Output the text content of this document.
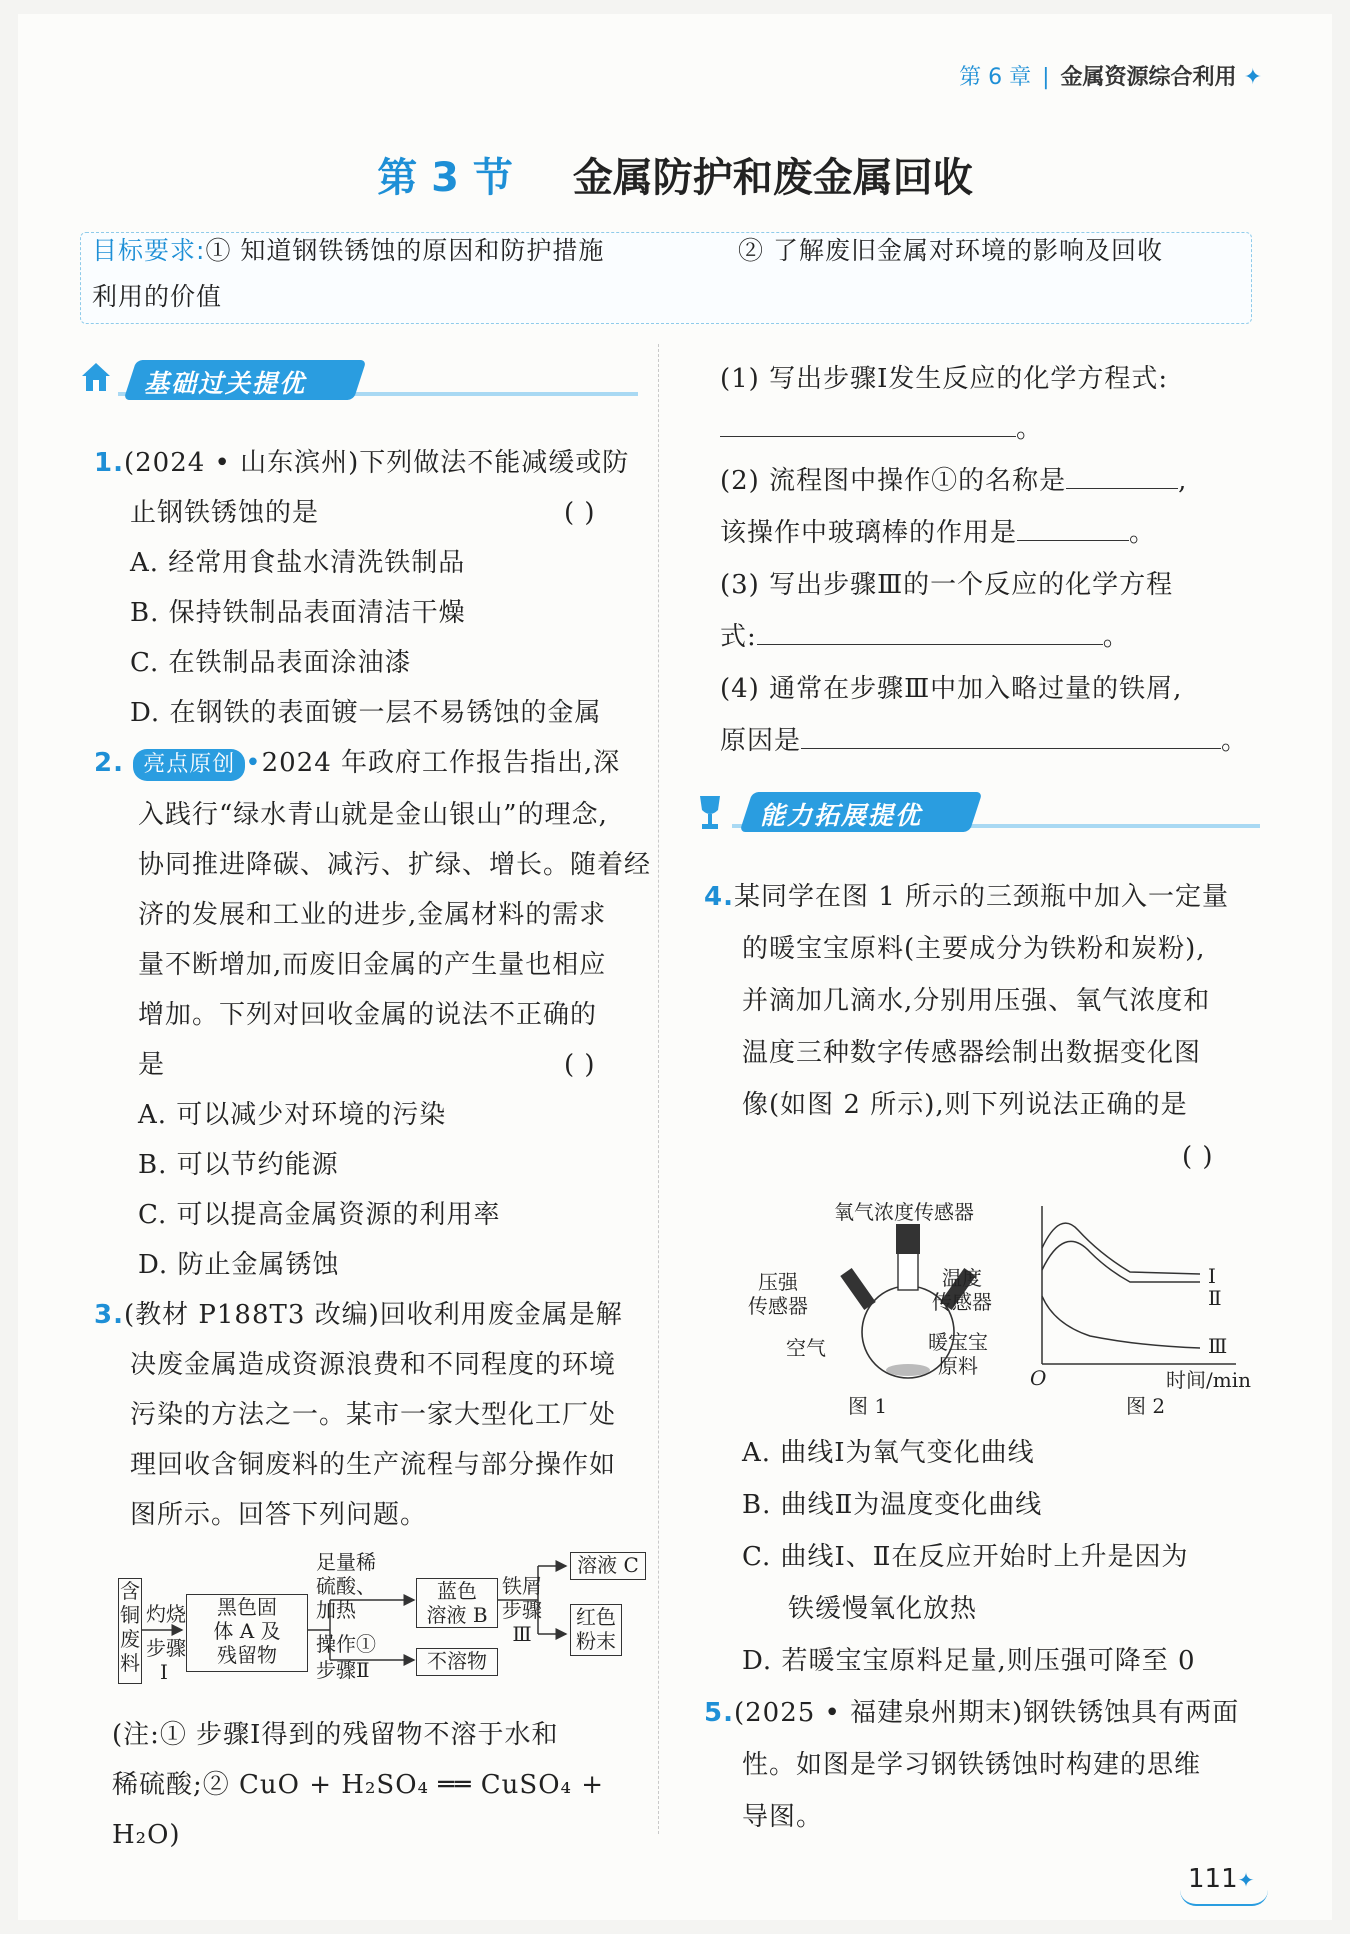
第 6 章 | 金属资源综合利用 ✦
第 3 节 金属防护和废金属回收
目标要求:① 知道钢铁锈蚀的原因和防护措施	② 了解废旧金属对环境的影响及回收
利用的价值
基础过关提优
1.(2024 • 山东滨州)下列做法不能减缓或防
止钢铁锈蚀的是	( )
A. 经常用食盐水清洗铁制品
B. 保持铁制品表面清洁干燥
C. 在铁制品表面涂油漆
D. 在钢铁的表面镀一层不易锈蚀的金属
2. 亮点原创 •2024 年政府工作报告指出,深
入践行“绿水青山就是金山银山”的理念,
协同推进降碳、减污、扩绿、增长。随着经
济的发展和工业的进步,金属材料的需求
量不断增加,而废旧金属的产生量也相应
增加。下列对回收金属的说法不正确的
是	( )
A. 可以减少对环境的污染
B. 可以节约能源
C. 可以提高金属资源的利用率
D. 防止金属锈蚀
3.(教材 P188T3 改编)回收利用废金属是解
决废金属造成资源浪费和不同程度的环境
污染的方法之一。某市一家大型化工厂处
理回收含铜废料的生产流程与部分操作如
图所示。回答下列问题。
含
铜
废
料
灼烧
步骤
Ⅰ
黑色固
体 A 及
残留物
足量稀
硫酸、
加热
操作①
步骤Ⅱ
蓝色
溶液 B
不溶物
铁屑
步骤
Ⅲ
溶液 C
红色
粉末
(注:① 步骤Ⅰ得到的残留物不溶于水和
稀硫酸;② CuO + H₂SO₄ ══ CuSO₄ +
H₂O)
(1) 写出步骤Ⅰ发生反应的化学方程式:
。
(2) 流程图中操作①的名称是	,
该操作中玻璃棒的作用是	。
(3) 写出步骤Ⅲ的一个反应的化学方程
式:	。
(4) 通常在步骤Ⅲ中加入略过量的铁屑,
原因是	。
能力拓展提优
4.某同学在图 1 所示的三颈瓶中加入一定量
的暖宝宝原料(主要成分为铁粉和炭粉),
并滴加几滴水,分别用压强、氧气浓度和
温度三种数字传感器绘制出数据变化图
像(如图 2 所示),则下列说法正确的是
( )
氧气浓度传感器
压强
传感器
温度
传感器
空气	暖宝宝
原料
图 1
Ⅰ
Ⅱ
Ⅲ
O	时间/min
图 2
A. 曲线Ⅰ为氧气变化曲线
B. 曲线Ⅱ为温度变化曲线
C. 曲线Ⅰ、Ⅱ在反应开始时上升是因为
铁缓慢氧化放热
D. 若暖宝宝原料足量,则压强可降至 0
5.(2025 • 福建泉州期末)钢铁锈蚀具有两面
性。如图是学习钢铁锈蚀时构建的思维
导图。
111✦
